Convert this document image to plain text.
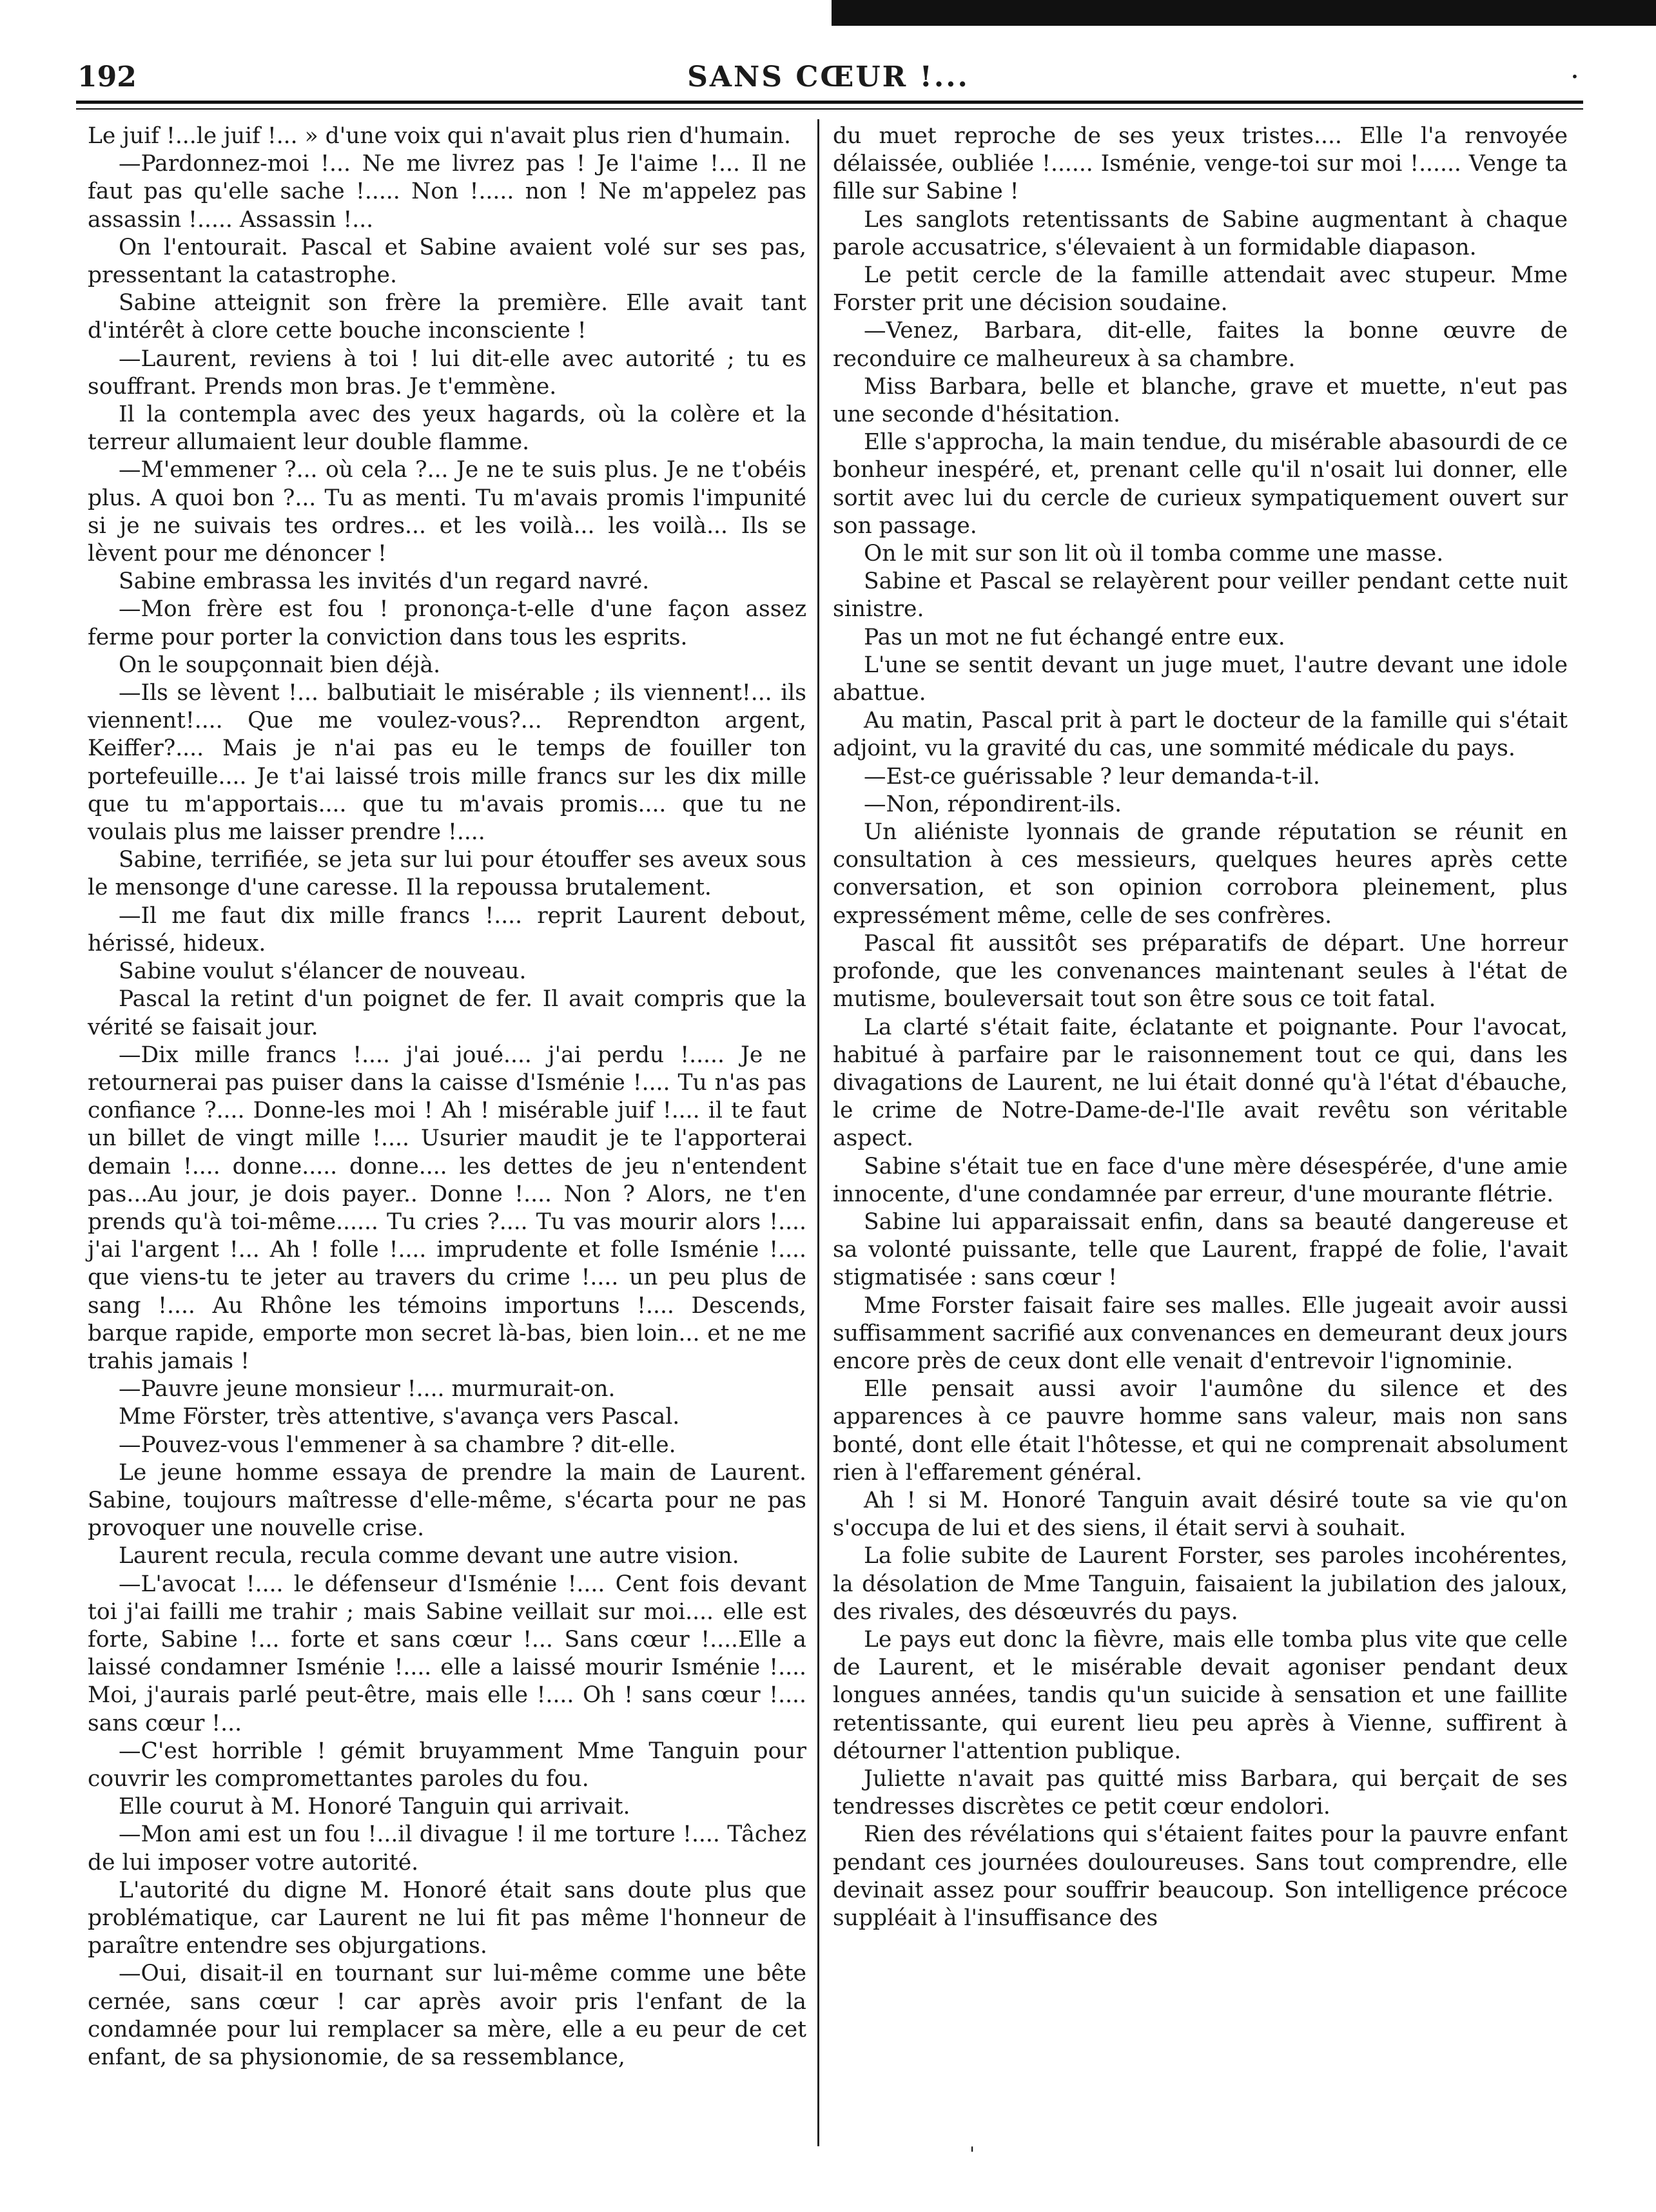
192	SANS CŒUR !...	·

Le juif !...le juif !... » d'une voix qui n'avait plus rien d'humain.

—Pardonnez-moi !... Ne me livrez pas ! Je l'aime !... Il ne faut pas qu'elle sache !..... Non !..... non ! Ne m'appelez pas assassin !..... Assassin !...

On l'entourait. Pascal et Sabine avaient volé sur ses pas, pressentant la catastrophe.

Sabine atteignit son frère la première. Elle avait tant d'intérêt à clore cette bouche inconsciente !

—Laurent, reviens à toi ! lui dit-elle avec autorité ; tu es souffrant. Prends mon bras. Je t'emmène.

Il la contempla avec des yeux hagards, où la colère et la terreur allumaient leur double flamme.

—M'emmener ?... où cela ?... Je ne te suis plus. Je ne t'obéis plus. A quoi bon ?... Tu as menti. Tu m'avais promis l'impunité si je ne suivais tes ordres... et les voilà... les voilà... Ils se lèvent pour me dénoncer !

Sabine embrassa les invités d'un regard navré.

—Mon frère est fou ! prononça-t-elle d'une façon assez ferme pour porter la conviction dans tous les esprits.

On le soupçonnait bien déjà.

—Ils se lèvent !... balbutiait le misérable ; ils viennent!... ils viennent!.... Que me voulez-vous?... Reprendton argent, Keiffer?.... Mais je n'ai pas eu le temps de fouiller ton portefeuille.... Je t'ai laissé trois mille francs sur les dix mille que tu m'apportais.... que tu m'avais promis.... que tu ne voulais plus me laisser prendre !....

Sabine, terrifiée, se jeta sur lui pour étouffer ses aveux sous le mensonge d'une caresse. Il la repoussa brutalement.

—Il me faut dix mille francs !.... reprit Laurent debout, hérissé, hideux.

Sabine voulut s'élancer de nouveau.

Pascal la retint d'un poignet de fer. Il avait compris que la vérité se faisait jour.

—Dix mille francs !.... j'ai joué.... j'ai perdu !..... Je ne retournerai pas puiser dans la caisse d'Isménie !.... Tu n'as pas confiance ?.... Donne-les moi ! Ah ! misérable juif !.... il te faut un billet de vingt mille !.... Usurier maudit je te l'apporterai demain !.... donne..... donne.... les dettes de jeu n'entendent pas...Au jour, je dois payer.. Donne !.... Non ? Alors, ne t'en prends qu'à toi-même...... Tu cries ?.... Tu vas mourir alors !.... j'ai l'argent !... Ah ! folle !.... imprudente et folle Isménie !.... que viens-tu te jeter au travers du crime !.... un peu plus de sang !.... Au Rhône les témoins importuns !.... Descends, barque rapide, emporte mon secret là-bas, bien loin... et ne me trahis jamais !

—Pauvre jeune monsieur !.... murmurait-on.

Mme Förster, très attentive, s'avança vers Pascal.

—Pouvez-vous l'emmener à sa chambre ? dit-elle.

Le jeune homme essaya de prendre la main de Laurent. Sabine, toujours maîtresse d'elle-même, s'écarta pour ne pas provoquer une nouvelle crise.

Laurent recula, recula comme devant une autre vision.

—L'avocat !.... le défenseur d'Isménie !.... Cent fois devant toi j'ai failli me trahir ; mais Sabine veillait sur moi.... elle est forte, Sabine !... forte et sans cœur !... Sans cœur !....Elle a laissé condamner Isménie !.... elle a laissé mourir Isménie !.... Moi, j'aurais parlé peut-être, mais elle !.... Oh ! sans cœur !.... sans cœur !...

—C'est horrible ! gémit bruyamment Mme Tanguin pour couvrir les compromettantes paroles du fou.

Elle courut à M. Honoré Tanguin qui arrivait.

—Mon ami est un fou !...il divague ! il me torture !.... Tâchez de lui imposer votre autorité.

L'autorité du digne M. Honoré était sans doute plus que problématique, car Laurent ne lui fit pas même l'honneur de paraître entendre ses objurgations.

—Oui, disait-il en tournant sur lui-même comme une bête cernée, sans cœur ! car après avoir pris l'enfant de la condamnée pour lui remplacer sa mère, elle a eu peur de cet enfant, de sa physionomie, de sa ressemblance,

du muet reproche de ses yeux tristes.... Elle l'a renvoyée délaissée, oubliée !...... Isménie, venge-toi sur moi !...... Venge ta fille sur Sabine !

Les sanglots retentissants de Sabine augmentant à chaque parole accusatrice, s'élevaient à un formidable diapason.

Le petit cercle de la famille attendait avec stupeur. Mme Forster prit une décision soudaine.

—Venez, Barbara, dit-elle, faites la bonne œuvre de reconduire ce malheureux à sa chambre.

Miss Barbara, belle et blanche, grave et muette, n'eut pas une seconde d'hésitation.

Elle s'approcha, la main tendue, du misérable abasourdi de ce bonheur inespéré, et, prenant celle qu'il n'osait lui donner, elle sortit avec lui du cercle de curieux sympatiquement ouvert sur son passage.

On le mit sur son lit où il tomba comme une masse.

Sabine et Pascal se relayèrent pour veiller pendant cette nuit sinistre.

Pas un mot ne fut échangé entre eux.

L'une se sentit devant un juge muet, l'autre devant une idole abattue.

Au matin, Pascal prit à part le docteur de la famille qui s'était adjoint, vu la gravité du cas, une sommité médicale du pays.

—Est-ce guérissable ? leur demanda-t-il.

—Non, répondirent-ils.

Un aliéniste lyonnais de grande réputation se réunit en consultation à ces messieurs, quelques heures après cette conversation, et son opinion corrobora pleinement, plus expressément même, celle de ses confrères.

Pascal fit aussitôt ses préparatifs de départ. Une horreur profonde, que les convenances maintenant seules à l'état de mutisme, bouleversait tout son être sous ce toit fatal.

La clarté s'était faite, éclatante et poignante. Pour l'avocat, habitué à parfaire par le raisonnement tout ce qui, dans les divagations de Laurent, ne lui était donné qu'à l'état d'ébauche, le crime de Notre-Dame-de-l'Ile avait revêtu son véritable aspect.

Sabine s'était tue en face d'une mère désespérée, d'une amie innocente, d'une condamnée par erreur, d'une mourante flétrie.

Sabine lui apparaissait enfin, dans sa beauté dangereuse et sa volonté puissante, telle que Laurent, frappé de folie, l'avait stigmatisée : sans cœur !

Mme Forster faisait faire ses malles. Elle jugeait avoir aussi suffisamment sacrifié aux convenances en demeurant deux jours encore près de ceux dont elle venait d'entrevoir l'ignominie.

Elle pensait aussi avoir l'aumône du silence et des apparences à ce pauvre homme sans valeur, mais non sans bonté, dont elle était l'hôtesse, et qui ne comprenait absolument rien à l'effarement général.

Ah ! si M. Honoré Tanguin avait désiré toute sa vie qu'on s'occupa de lui et des siens, il était servi à souhait.

La folie subite de Laurent Forster, ses paroles incohérentes, la désolation de Mme Tanguin, faisaient la jubilation des jaloux, des rivales, des désœuvrés du pays.

Le pays eut donc la fièvre, mais elle tomba plus vite que celle de Laurent, et le misérable devait agoniser pendant deux longues années, tandis qu'un suicide à sensation et une faillite retentissante, qui eurent lieu peu après à Vienne, suffirent à détourner l'attention publique.

Juliette n'avait pas quitté miss Barbara, qui berçait de ses tendresses discrètes ce petit cœur endolori.

Rien des révélations qui s'étaient faites pour la pauvre enfant pendant ces journées douloureuses. Sans tout comprendre, elle devinait assez pour souffrir beaucoup. Son intelligence précoce suppléait à l'insuffisance des

'
